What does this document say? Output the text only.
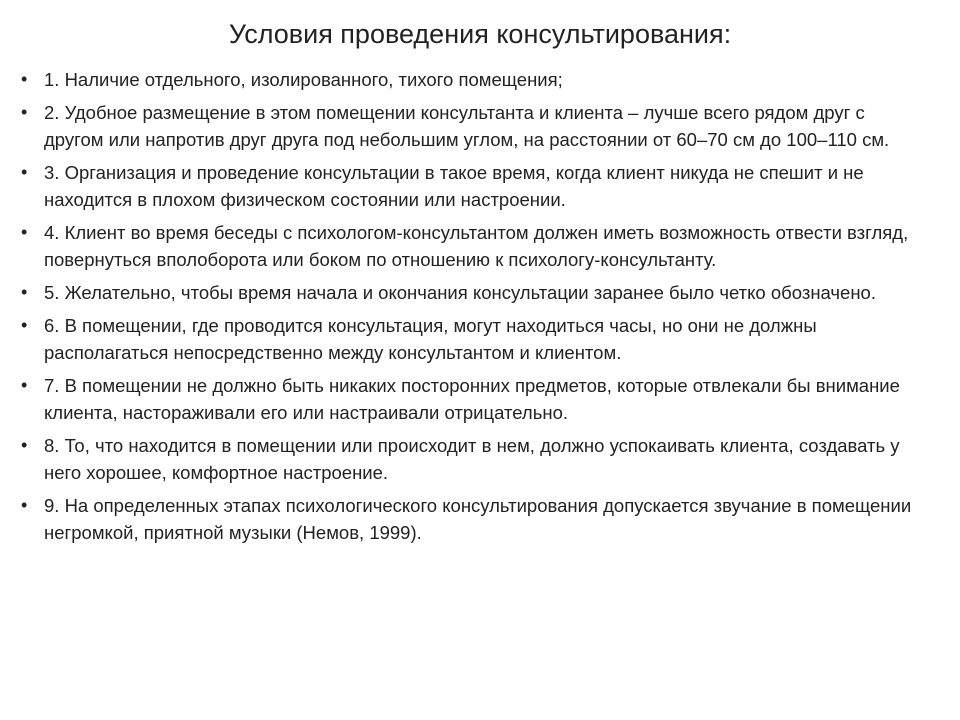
Условия проведения консультирования:
• 1. Наличие отдельного, изолированного, тихого помещения;
• 2. Удобное размещение в этом помещении консультанта и клиента – лучше всего рядом друг с другом или напротив друг друга под небольшим углом, на расстоянии от 60–70 см до 100–110 см.
• 3. Организация и проведение консультации в такое время, когда клиент никуда не спешит и не находится в плохом физическом состоянии или настроении.
• 4. Клиент во время беседы с психологом-консультантом должен иметь возможность отвести взгляд, повернуться вполоборота или боком по отношению к психологу-консультанту.
• 5. Желательно, чтобы время начала и окончания консультации заранее было четко обозначено.
• 6. В помещении, где проводится консультация, могут находиться часы, но они не должны располагаться непосредственно между консультантом и клиентом.
• 7. В помещении не должно быть никаких посторонних предметов, которые отвлекали бы внимание клиента, настораживали его или настраивали отрицательно.
• 8. То, что находится в помещении или происходит в нем, должно успокаивать клиента, создавать у него хорошее, комфортное настроение.
• 9. На определенных этапах психологического консультирования допускается звучание в помещении негромкой, приятной музыки (Немов, 1999).
